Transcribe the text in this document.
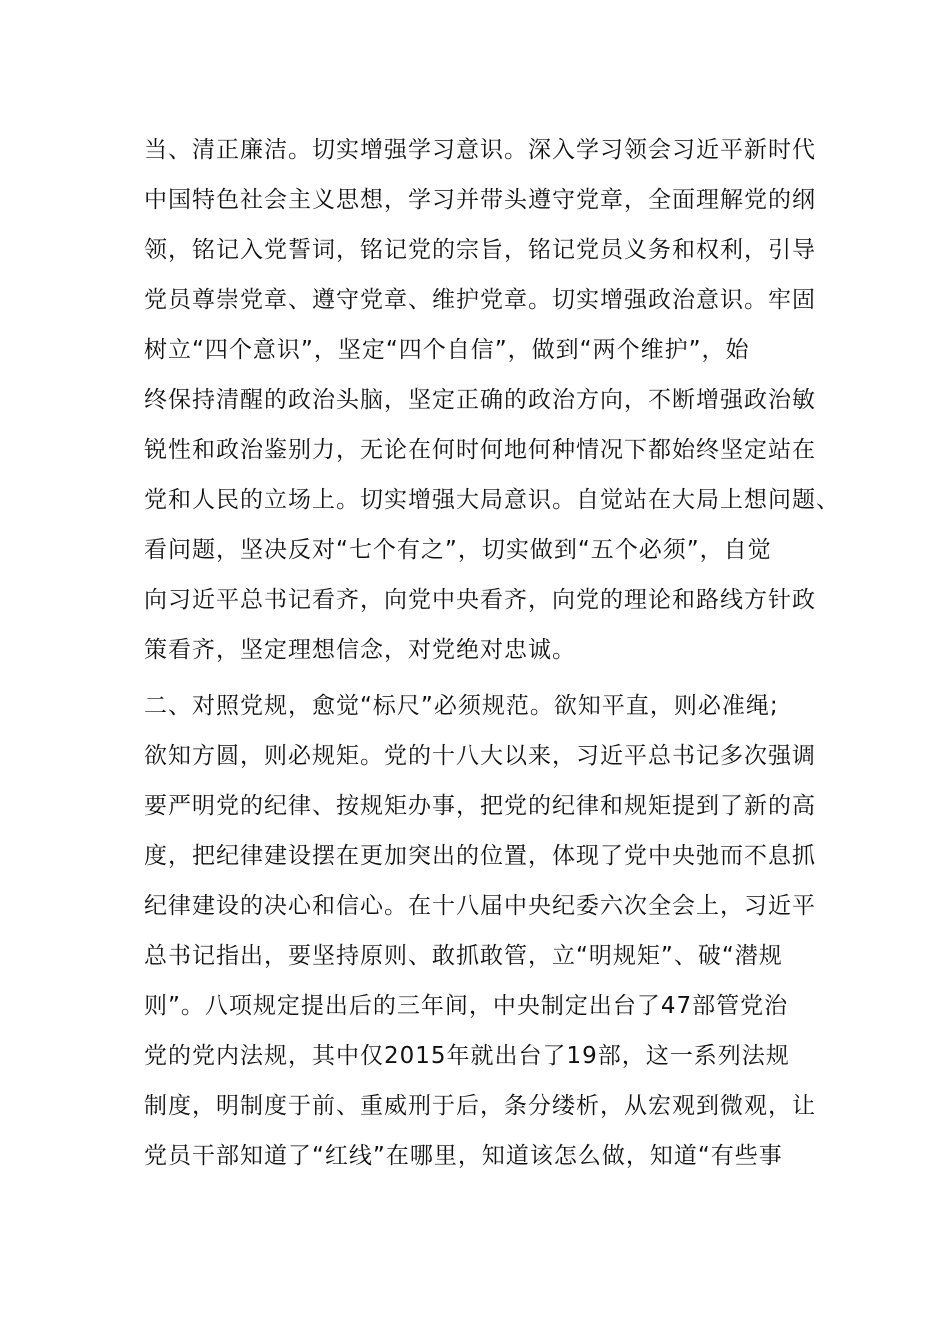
当、清正廉洁。切实增强学习意识。深入学习领会习近平新时代
中国特色社会主义思想，学习并带头遵守党章，全面理解党的纲
领，铭记入党誓词，铭记党的宗旨，铭记党员义务和权利，引导
党员尊崇党章、遵守党章、维护党章。切实增强政治意识。牢固
树立“四个意识”，坚定“四个自信”，做到“两个维护”，始
终保持清醒的政治头脑，坚定正确的政治方向，不断增强政治敏
锐性和政治鉴别力，无论在何时何地何种情况下都始终坚定站在
党和人民的立场上。切实增强大局意识。自觉站在大局上想问题、
看问题，坚决反对“七个有之”，切实做到“五个必须”，自觉
向习近平总书记看齐，向党中央看齐，向党的理论和路线方针政
策看齐，坚定理想信念，对党绝对忠诚。
二、对照党规，愈觉“标尺”必须规范。欲知平直，则必准绳;
欲知方圆，则必规矩。党的十八大以来，习近平总书记多次强调
要严明党的纪律、按规矩办事，把党的纪律和规矩提到了新的高
度，把纪律建设摆在更加突出的位置，体现了党中央弛而不息抓
纪律建设的决心和信心。在十八届中央纪委六次全会上，习近平
总书记指出，要坚持原则、敢抓敢管，立“明规矩”、破“潜规
则”。八项规定提出后的三年间，中央制定出台了47部管党治
党的党内法规，其中仅2015年就出台了19部，这一系列法规
制度，明制度于前、重威刑于后，条分缕析，从宏观到微观，让
党员干部知道了“红线”在哪里，知道该怎么做，知道“有些事
